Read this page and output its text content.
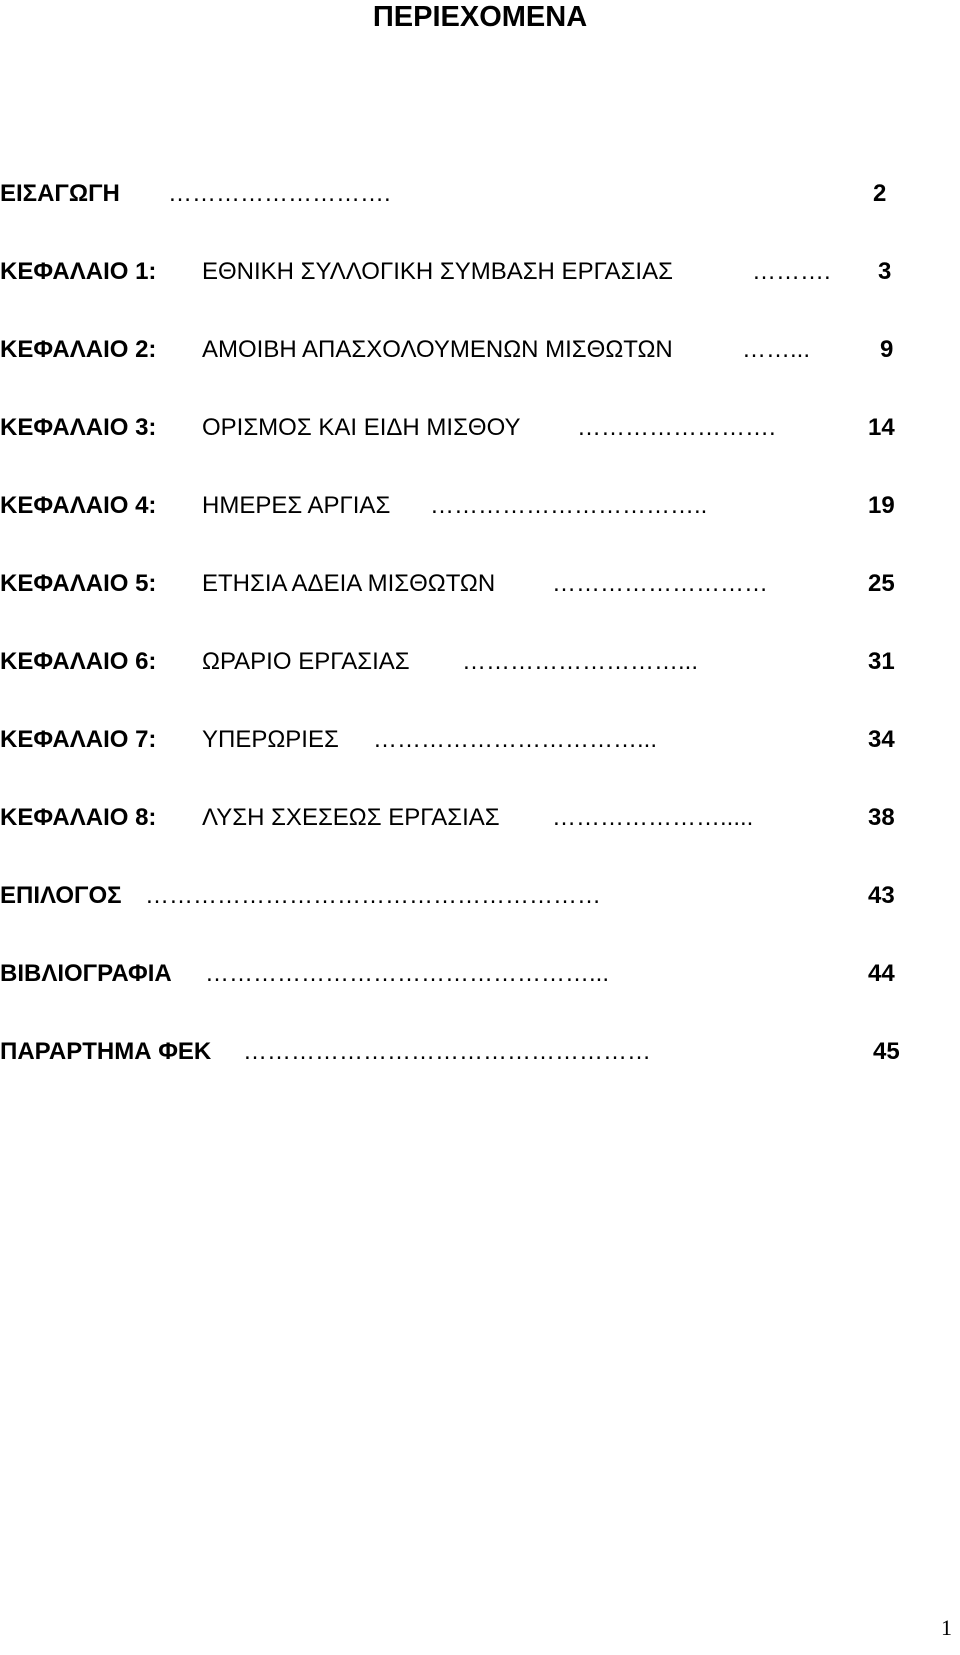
ΠΕΡΙΕΧΟΜΕΝΑ
ΕΙΣΑΓΩΓΗ ……………………….	2
ΚΕΦΑΛΑΙΟ 1: ΕΘΝΙΚΗ ΣΥΛΛΟΓΙΚΗ ΣΥΜΒΑΣΗ ΕΡΓΑΣΙΑΣ	………. 3
ΚΕΦΑΛΑΙΟ 2: ΑΜΟΙΒΗ ΑΠΑΣΧΟΛΟΥΜΕΝΩΝ ΜΙΣΘΩΤΩΝ	……...	9
ΚΕΦΑΛΑΙΟ 3: ΟΡΙΣΜΟΣ ΚΑΙ ΕΙΔΗ ΜΙΣΘΟΥ …………………….	14
ΚΕΦΑΛΑΙΟ 4: ΗΜΕΡΕΣ ΑΡΓΙΑΣ ……………………………..	19
ΚΕΦΑΛΑΙΟ 5: ΕΤΗΣΙΑ ΑΔΕΙΑ ΜΙΣΘΩΤΩΝ ………………………	25
ΚΕΦΑΛΑΙΟ 6: ΩΡΑΡΙΟ ΕΡΓΑΣΙΑΣ ………………………...	31
ΚΕΦΑΛΑΙΟ 7: ΥΠΕΡΩΡΙΕΣ ……………………………...	34
ΚΕΦΑΛΑΙΟ 8: ΛΥΣΗ ΣΧΕΣΕΩΣ ΕΡΓΑΣΙΑΣ ………………….....	38
ΕΠΙΛΟΓΟΣ …………………………………………………	43
ΒΙΒΛΙΟΓΡΑΦΙΑ …………………………………………...	44
ΠΑΡΑΡΤΗΜΑ ΦΕΚ ……………………………………………	45
1
